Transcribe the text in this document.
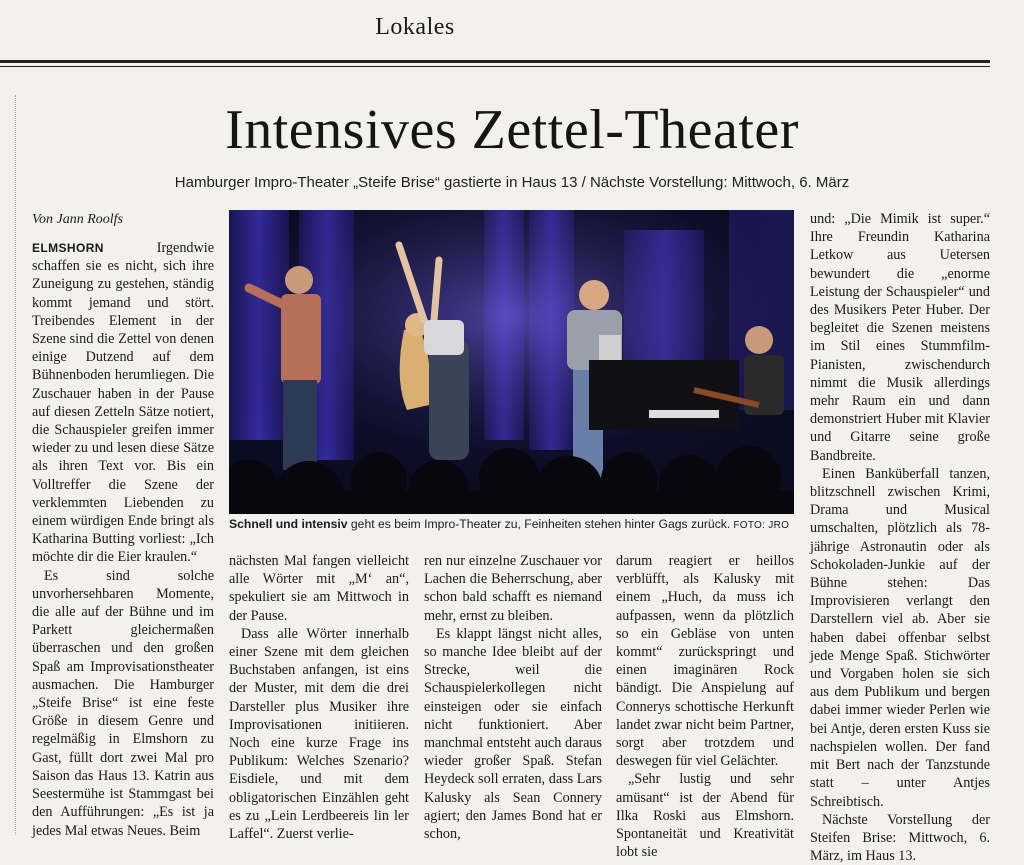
Lokales
Intensives Zettel-Theater
Hamburger Impro-Theater „Steife Brise“ gastierte in Haus 13 / Nächste Vorstellung: Mittwoch, 6. März
Von Jann Roolfs

ELMSHORN Irgendwie schaffen sie es nicht, sich ihre Zuneigung zu gestehen, ständig kommt jemand und stört. Treibendes Element in der Szene sind die Zettel von denen einige Dutzend auf dem Bühnenboden herumliegen. Die Zuschauer haben in der Pause auf diesen Zetteln Sätze notiert, die Schauspieler greifen immer wieder zu und lesen diese Sätze als ihren Text vor. Bis ein Volltreffer die Szene der verklemmten Liebenden zu einem würdigen Ende bringt als Katharina Butting vorliest: „Ich möchte dir die Eier kraulen.“

Es sind solche unvorhersehbaren Momente, die alle auf der Bühne und im Parkett gleichermaßen überraschen und den großen Spaß am Improvisationstheater ausmachen. Die Hamburger „Steife Brise“ ist eine feste Größe in diesem Genre und regelmäßig in Elmshorn zu Gast, füllt dort zwei Mal pro Saison das Haus 13. Katrin aus Seestermühe ist Stammgast bei den Aufführungen: „Es ist ja jedes Mal etwas Neues. Beim

Schnell und intensiv geht es beim Impro-Theater zu, Feinheiten stehen hinter Gags zurück. FOTO: JRO

nächsten Mal fangen vielleicht alle Wörter mit „M‘ an“, spekuliert sie am Mittwoch in der Pause.

Dass alle Wörter innerhalb einer Szene mit dem gleichen Buchstaben anfangen, ist eins der Muster, mit dem die drei Darsteller plus Musiker ihre Improvisationen initiieren. Noch eine kurze Frage ins Publikum: Welches Szenario? Eisdiele, und mit dem obligatorischen Einzählen geht es zu „Lein Lerdbeereis lin ler Laffel“. Zuerst verlie-

ren nur einzelne Zuschauer vor Lachen die Beherrschung, aber schon bald schafft es niemand mehr, ernst zu bleiben.

Es klappt längst nicht alles, so manche Idee bleibt auf der Strecke, weil die Schauspielerkollegen nicht einsteigen oder sie einfach nicht funktioniert. Aber manchmal entsteht auch daraus wieder großer Spaß. Stefan Heydeck soll erraten, dass Lars Kalusky als Sean Connery agiert; den James Bond hat er schon,

darum reagiert er heillos verblüfft, als Kalusky mit einem „Huch, da muss ich aufpassen, wenn da plötzlich so ein Gebläse von unten kommt“ zurückspringt und einen imaginären Rock bändigt. Die Anspielung auf Connerys schottische Herkunft landet zwar nicht beim Partner, sorgt aber trotzdem und deswegen für viel Gelächter.

„Sehr lustig und sehr amüsant“ ist der Abend für Ilka Roski aus Elmshorn. Spontaneität und Kreativität lobt sie

und: „Die Mimik ist super.“ Ihre Freundin Katharina Letkow aus Uetersen bewundert die „enorme Leistung der Schauspieler“ und des Musikers Peter Huber. Der begleitet die Szenen meistens im Stil eines Stummfilm-Pianisten, zwischendurch nimmt die Musik allerdings mehr Raum ein und dann demonstriert Huber mit Klavier und Gitarre seine große Bandbreite.

Einen Banküberfall tanzen, blitzschnell zwischen Krimi, Drama und Musical umschalten, plötzlich als 78-jährige Astronautin oder als Schokoladen-Junkie auf der Bühne stehen: Das Improvisieren verlangt den Darstellern viel ab. Aber sie haben dabei offenbar selbst jede Menge Spaß. Stichwörter und Vorgaben holen sie sich aus dem Publikum und bergen dabei immer wieder Perlen wie bei Antje, deren ersten Kuss sie nachspielen wollen. Der fand mit Bert nach der Tanzstunde statt – unter Antjes Schreibtisch.

Nächste Vorstellung der Steifen Brise: Mittwoch, 6. März, im Haus 13.
